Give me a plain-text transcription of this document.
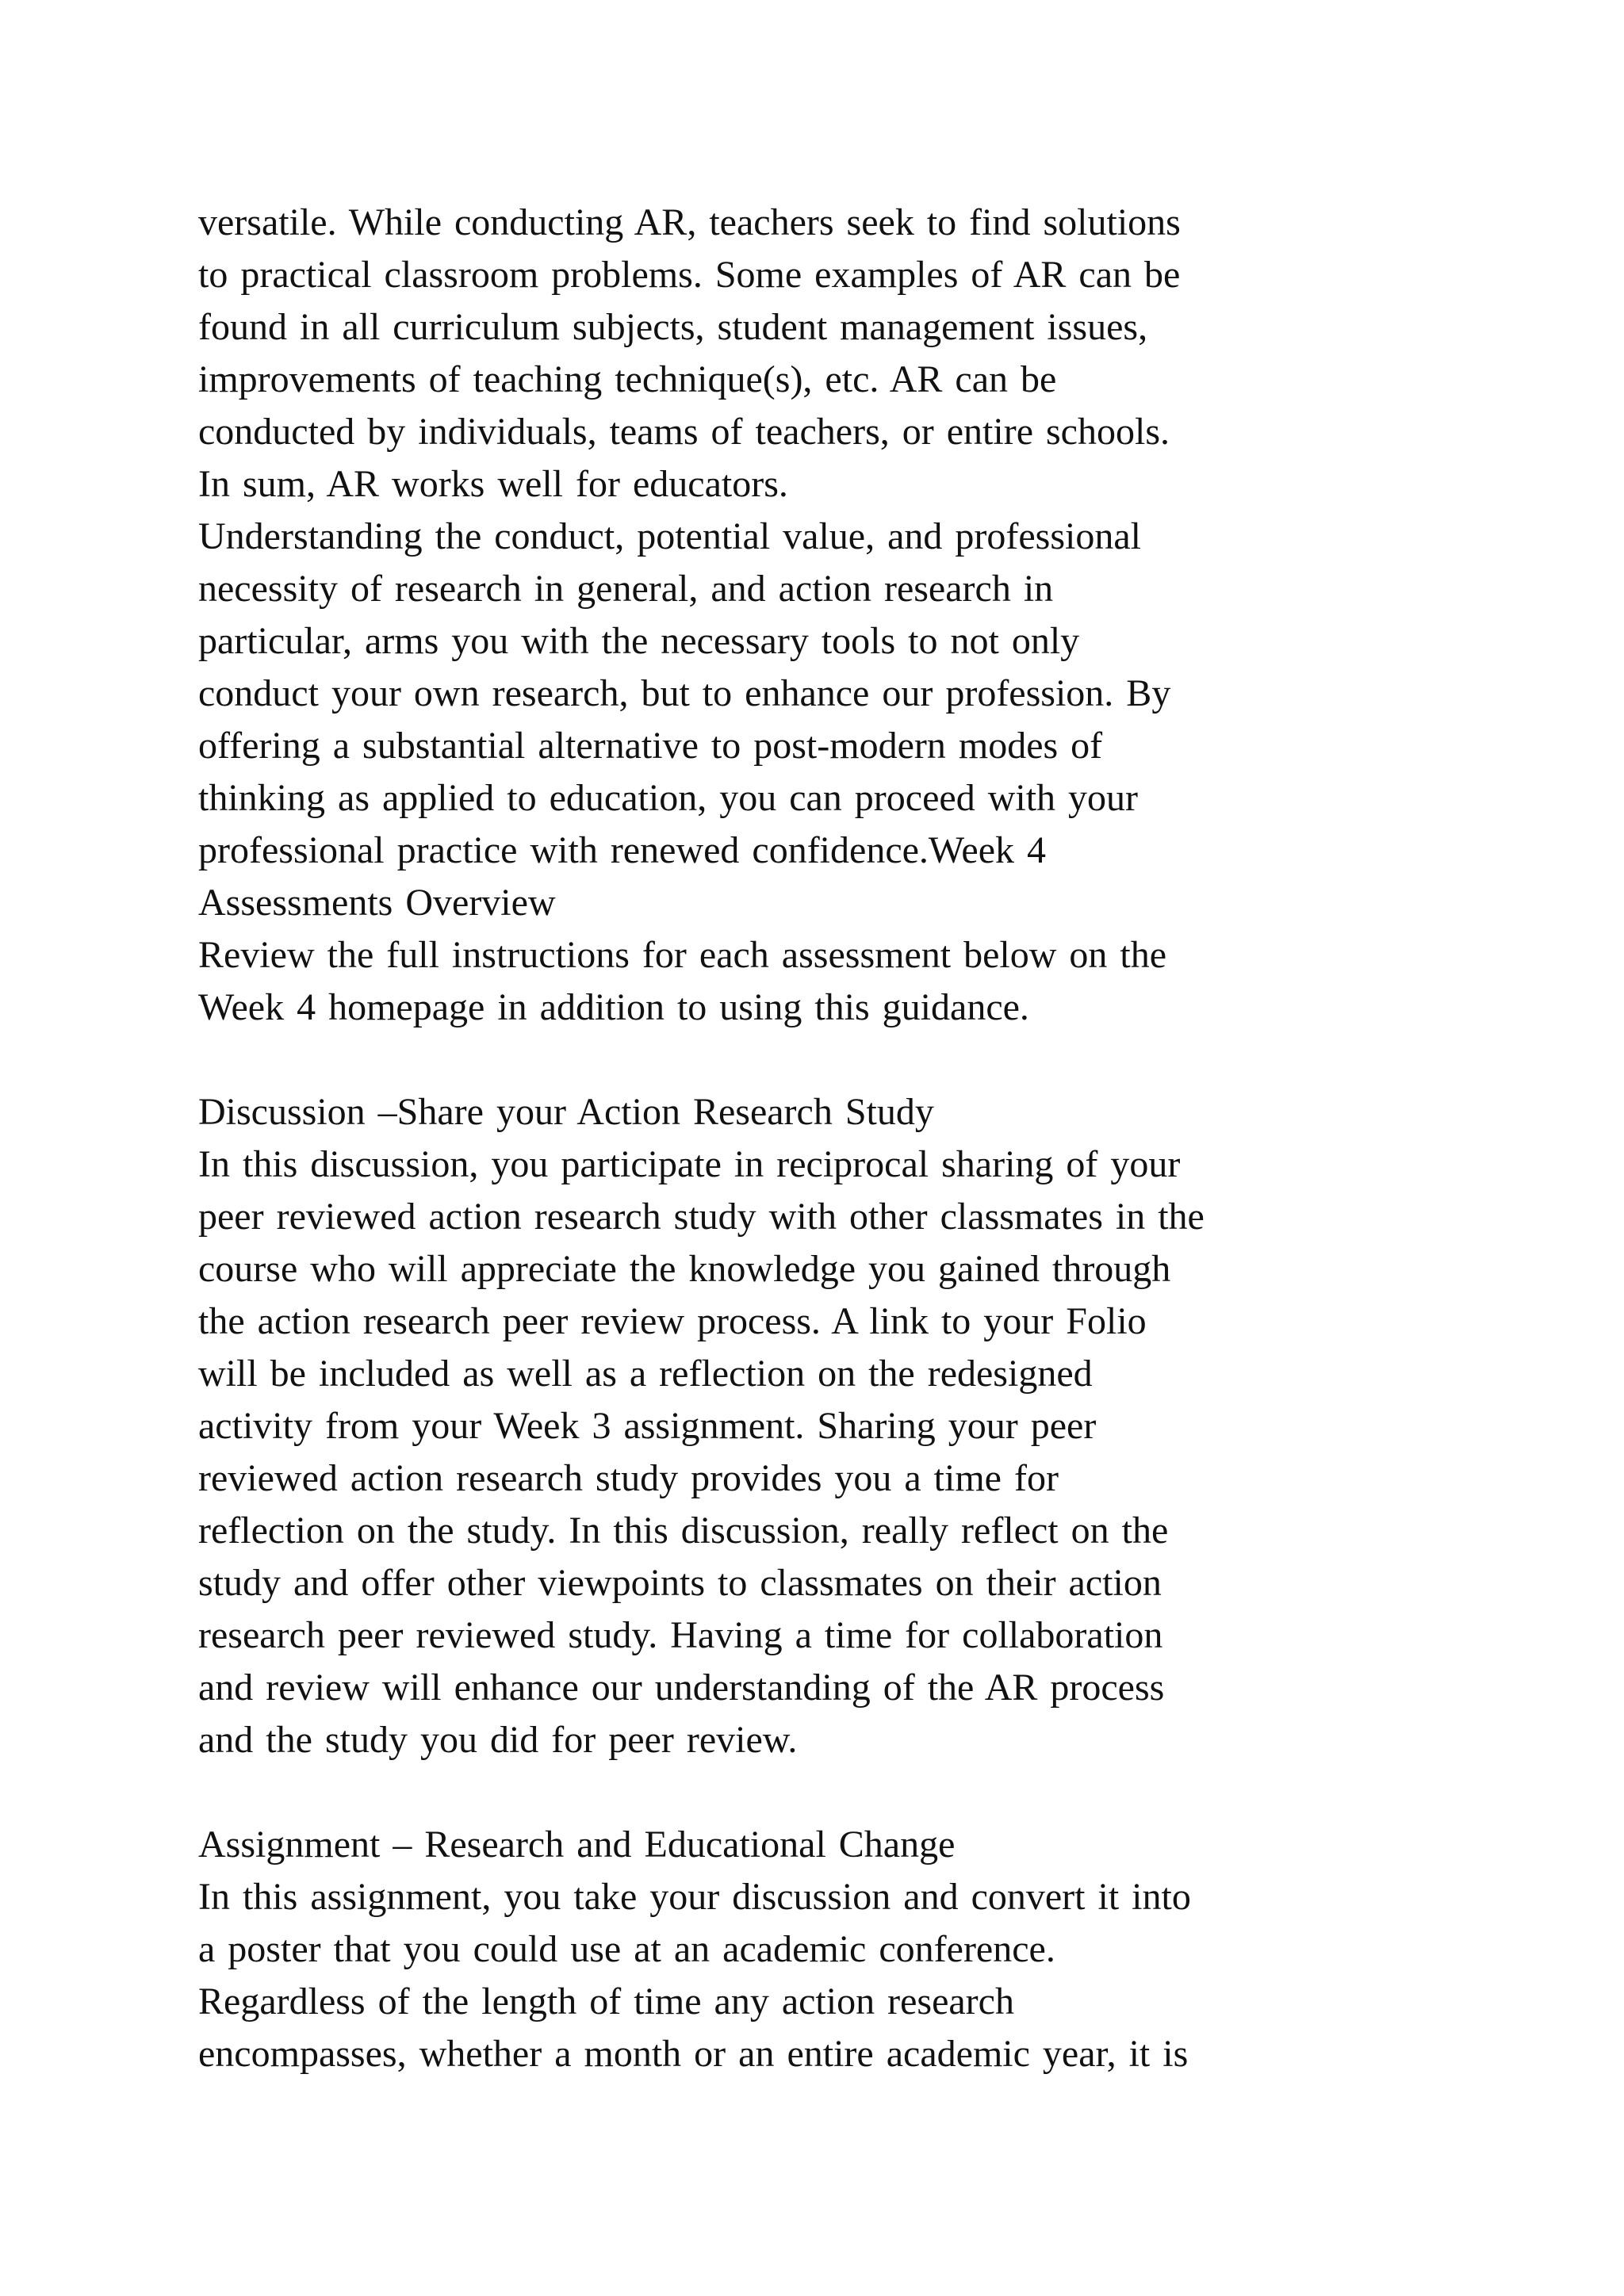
versatile. While conducting AR, teachers seek to find solutions
to practical classroom problems. Some examples of AR can be
found in all curriculum subjects, student management issues,
improvements of teaching technique(s), etc. AR can be
conducted by individuals, teams of teachers, or entire schools.
In sum, AR works well for educators.
Understanding the conduct, potential value, and professional
necessity of research in general, and action research in
particular, arms you with the necessary tools to not only
conduct your own research, but to enhance our profession. By
offering a substantial alternative to post-modern modes of
thinking as applied to education, you can proceed with your
professional practice with renewed confidence.Week 4
Assessments Overview
Review the full instructions for each assessment below on the
Week 4 homepage in addition to using this guidance.
Discussion –Share your Action Research Study
In this discussion, you participate in reciprocal sharing of your
peer reviewed action research study with other classmates in the
course who will appreciate the knowledge you gained through
the action research peer review process. A link to your Folio
will be included as well as a reflection on the redesigned
activity from your Week 3 assignment. Sharing your peer
reviewed action research study provides you a time for
reflection on the study. In this discussion, really reflect on the
study and offer other viewpoints to classmates on their action
research peer reviewed study. Having a time for collaboration
and review will enhance our understanding of the AR process
and the study you did for peer review.
Assignment – Research and Educational Change
In this assignment, you take your discussion and convert it into
a poster that you could use at an academic conference.
Regardless of the length of time any action research
encompasses, whether a month or an entire academic year, it is
